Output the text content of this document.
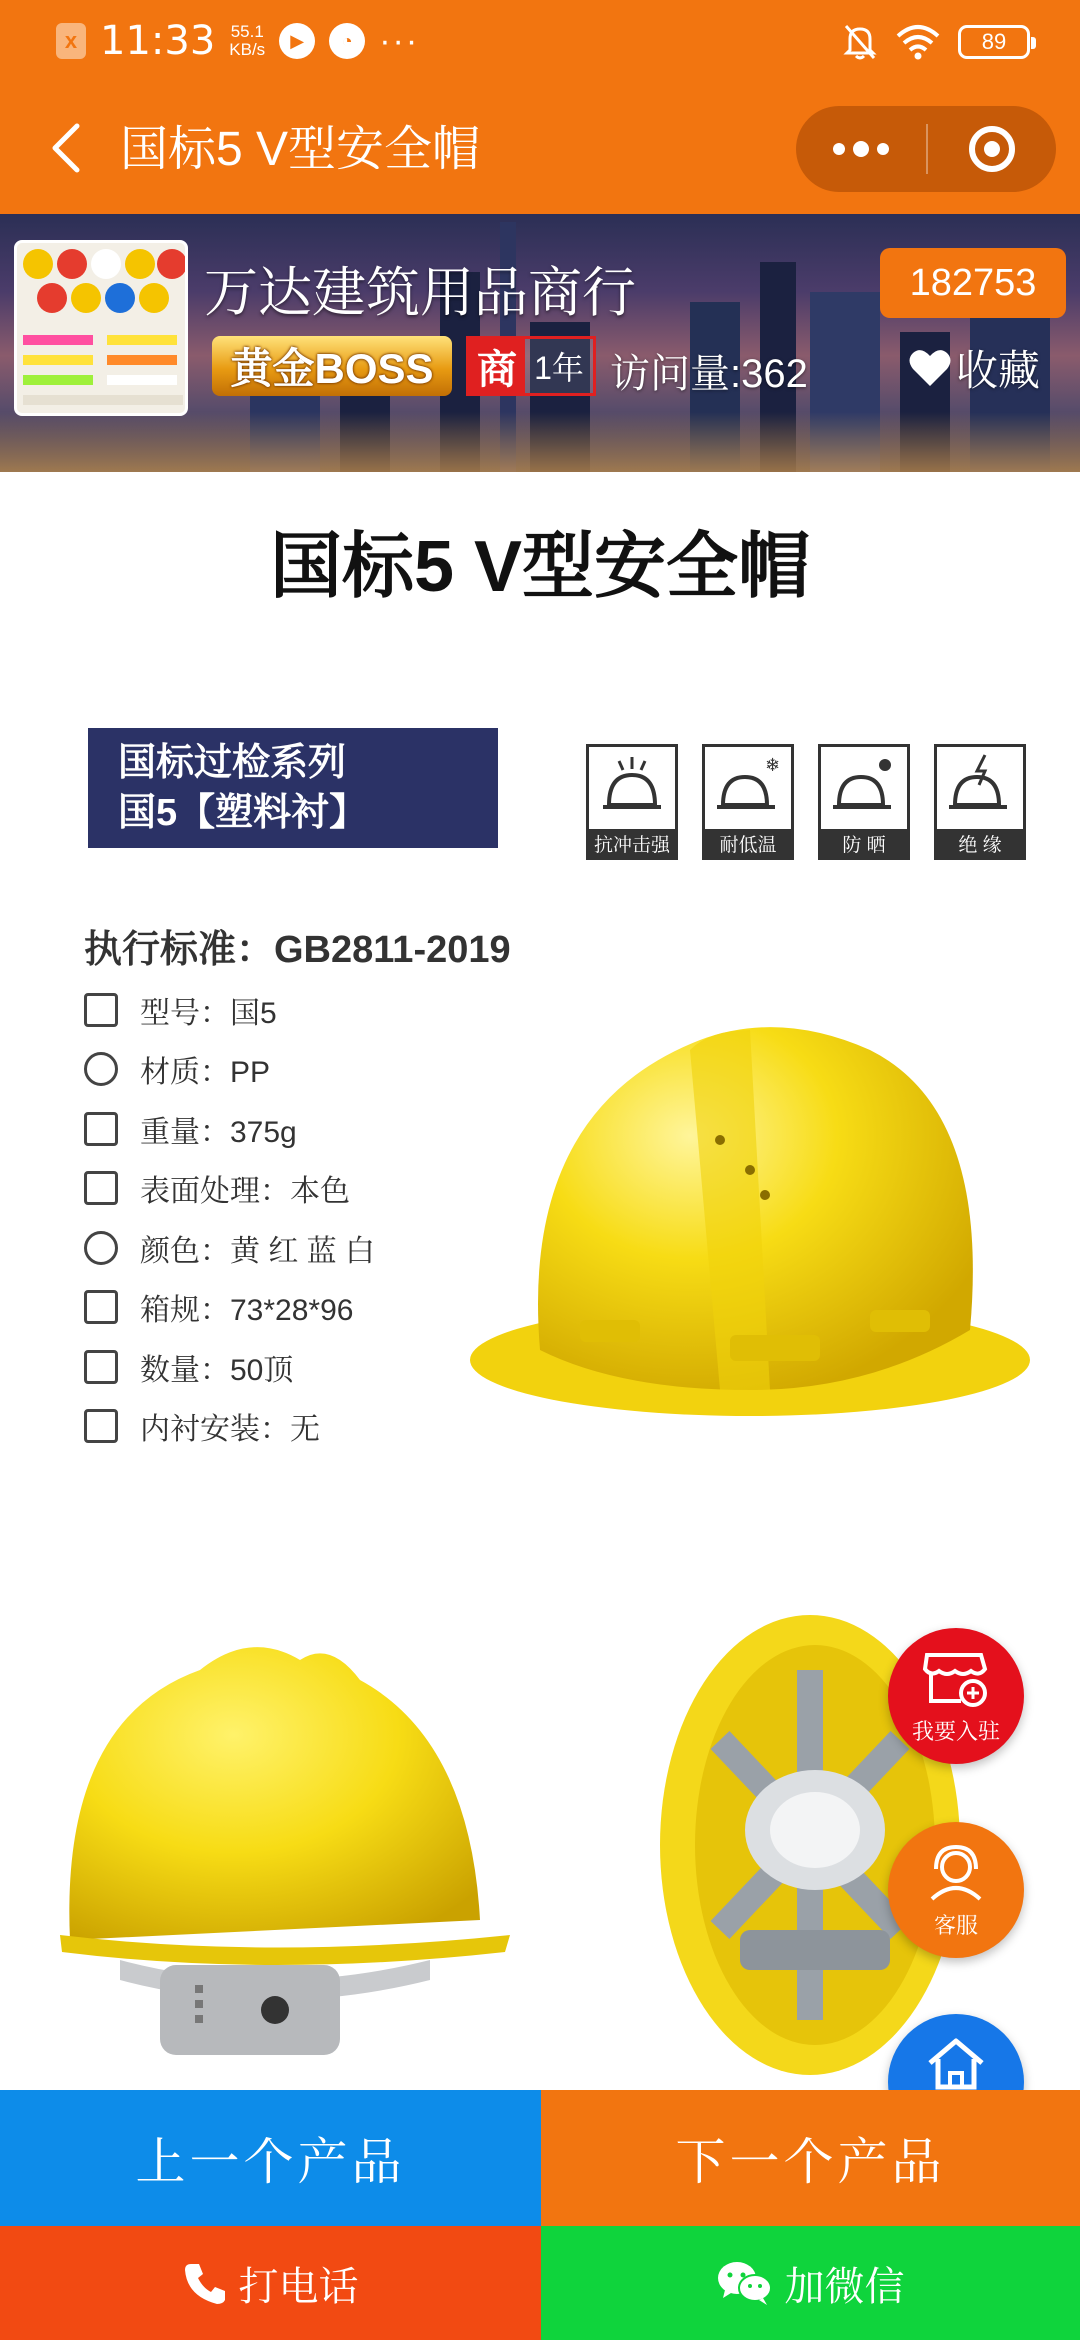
x 11:33 55.1
KB/s	▶	◔ ···	89
国标5 V型安全帽
万达建筑用品商行	182753
黄金BOSS	商 1年 访问量:362	收藏
国标5 V型安全帽
国标过检系列
国5【塑料衬】
抗冲击强
❄
耐低温	防 晒	绝 缘
执行标准：GB2811-2019
型号：国5
材质：PP
重量：375g
表面处理：本色
颜色：黄 红 蓝 白
箱规：73*28*96
数量：50顶
内衬安装：无
我要入驻
客服
上一个产品	下一个产品
打电话	加微信
